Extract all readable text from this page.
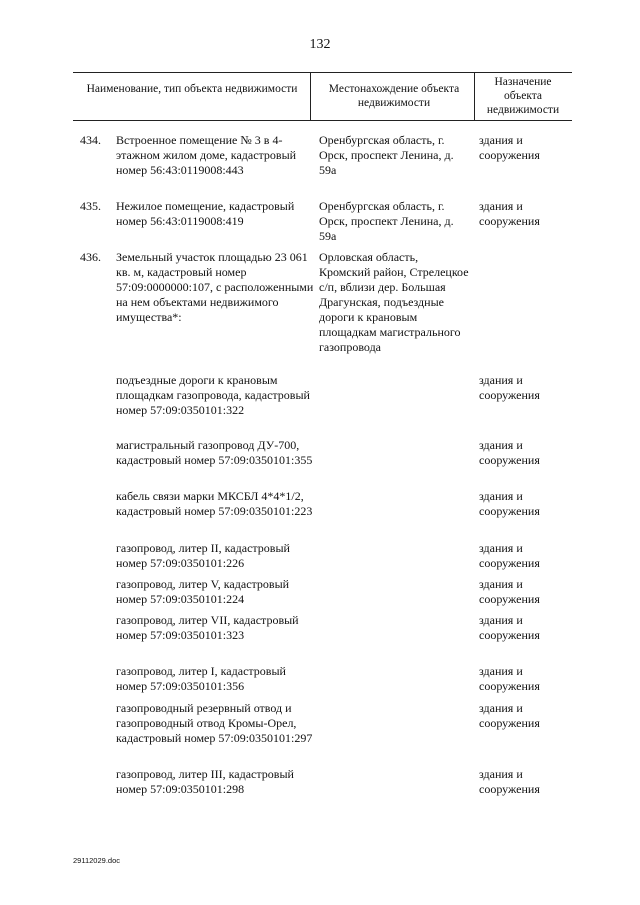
132
Наименование, тип объекта недвижимости	Местонахождение объекта недвижимости
Назначение объекта недвижимости
434. Встроенное помещение № 3 в 4-этажном жилом доме, кадастровый номер 56:43:0119008:443
Оренбургская область, г. Орск, проспект Ленина, д. 59а
здания и сооружения
435. Нежилое помещение, кадастровый номер 56:43:0119008:419
Оренбургская область, г. Орск, проспект Ленина, д. 59а
здания и сооружения
436. Земельный участок площадью 23 061 кв. м, кадастровый номер 57:09:0000000:107, с расположенными на нем объектами недвижимого имущества*:
Орловская область, Кромский район, Стрелецкое с/п, вблизи дер. Большая Драгунская, подъездные дороги к крановым площадкам магистрального газопровода
подъездные дороги к крановым площадкам газопровода, кадастровый номер 57:09:0350101:322
здания и сооружения
магистральный газопровод ДУ-700, кадастровый номер 57:09:0350101:355
здания и сооружения
кабель связи марки МКСБЛ 4*4*1/2, кадастровый номер 57:09:0350101:223
здания и сооружения
газопровод, литер II, кадастровый номер 57:09:0350101:226
здания и сооружения
газопровод, литер V, кадастровый номер 57:09:0350101:224
здания и сооружения
газопровод, литер VII, кадастровый номер 57:09:0350101:323
здания и сооружения
газопровод, литер I, кадастровый номер 57:09:0350101:356
здания и сооружения
газопроводный резервный отвод и газопроводный отвод Кромы-Орел, кадастровый номер 57:09:0350101:297
здания и сооружения
газопровод, литер III, кадастровый номер 57:09:0350101:298
здания и сооружения
29112029.doc
